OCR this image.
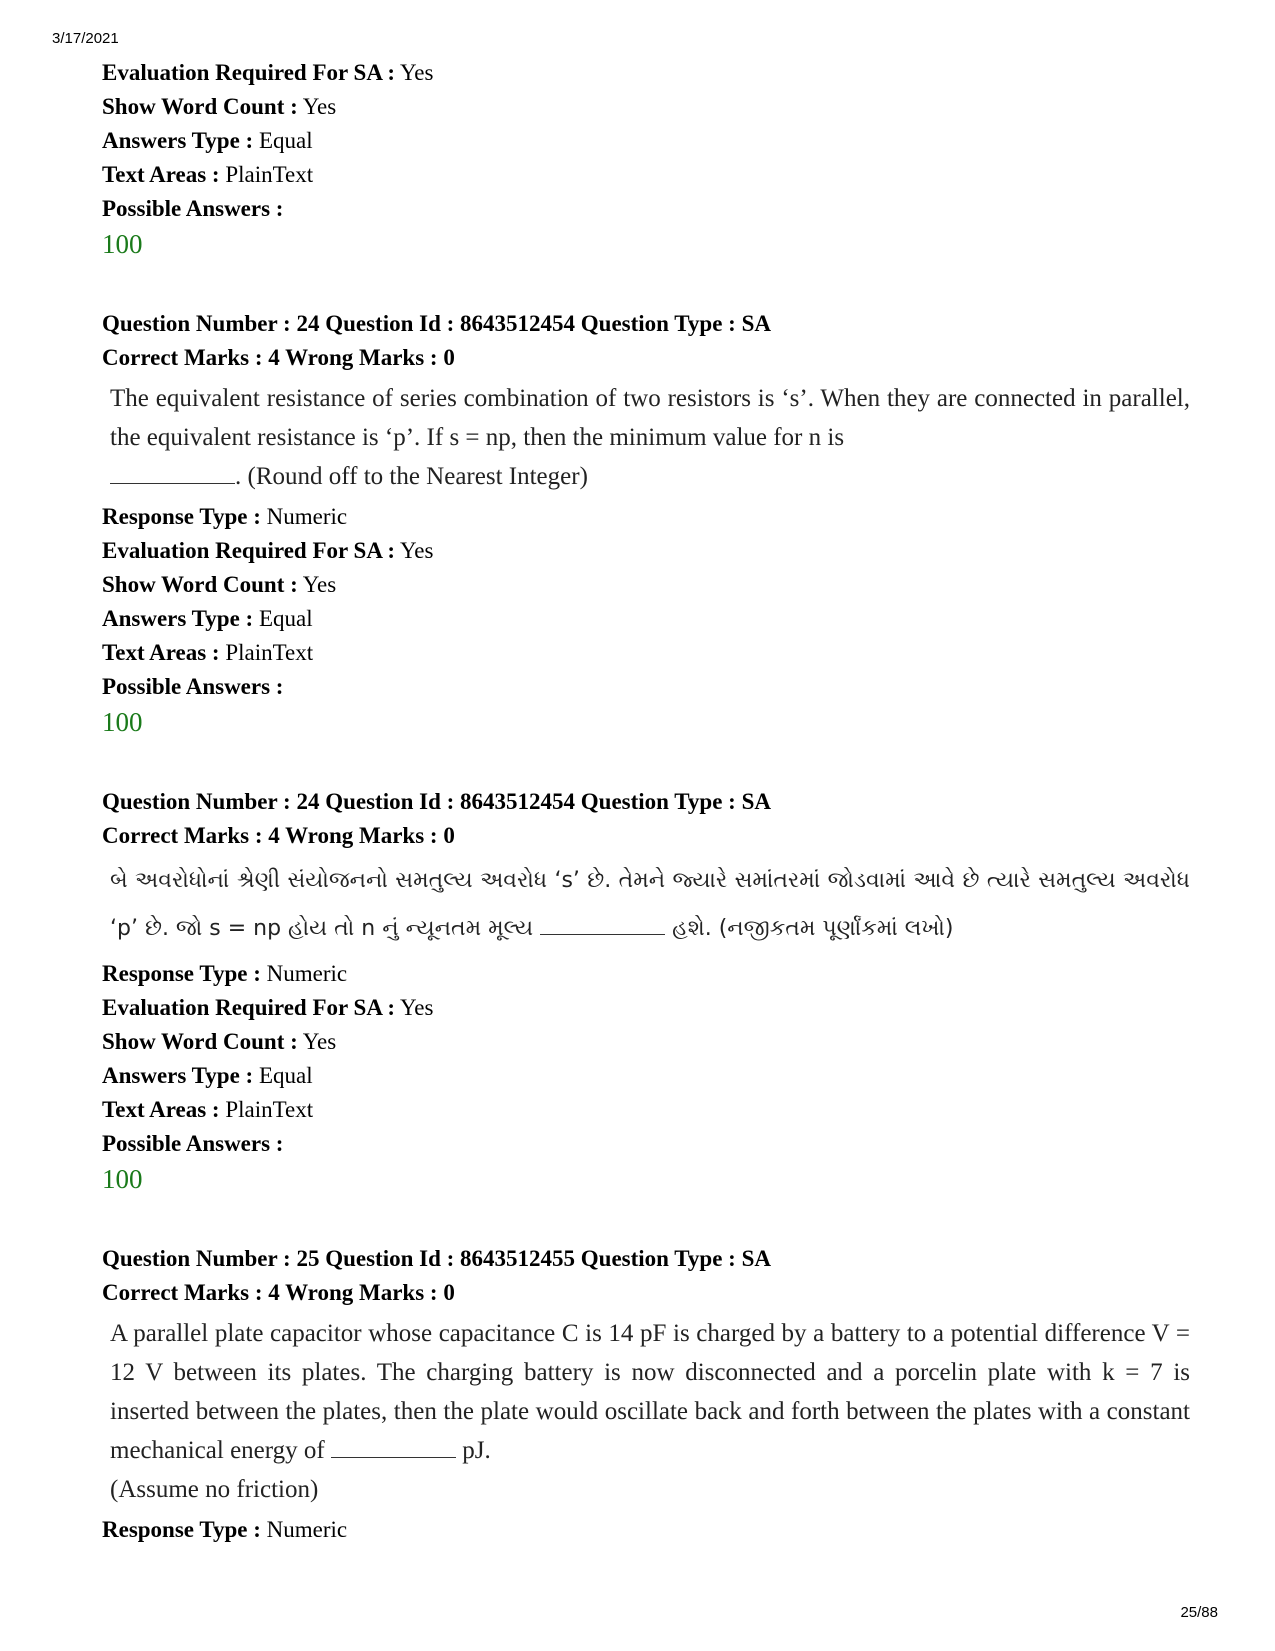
3/17/2021
Evaluation Required For SA : Yes
Show Word Count : Yes
Answers Type : Equal
Text Areas : PlainText
Possible Answers :
100
Question Number : 24 Question Id : 8643512454 Question Type : SA
Correct Marks : 4 Wrong Marks : 0
The equivalent resistance of series combination of two resistors is ‘s’. When they are connected in parallel, the equivalent resistance is ‘p’. If s = np, then the minimum value for n is
. (Round off to the Nearest Integer)
Response Type : Numeric
Evaluation Required For SA : Yes
Show Word Count : Yes
Answers Type : Equal
Text Areas : PlainText
Possible Answers :
100
Question Number : 24 Question Id : 8643512454 Question Type : SA
Correct Marks : 4 Wrong Marks : 0
બે અવરોધોનાં શ્રેણી સંયોજનનો સમતુલ્ય અવરોધ ‘s’ છે. તેમને જ્યારે સમાંતરમાં જોડવામાં આવે છે ત્યારે સમતુલ્ય અવરોધ ‘p’ છે. જો s = np હોય તો n નું ન્યૂનતમ મૂલ્ય	હશે. (નજીકતમ પૂર્ણાંકમાં લખો)
Response Type : Numeric
Evaluation Required For SA : Yes
Show Word Count : Yes
Answers Type : Equal
Text Areas : PlainText
Possible Answers :
100
Question Number : 25 Question Id : 8643512455 Question Type : SA
Correct Marks : 4 Wrong Marks : 0
A parallel plate capacitor whose capacitance C is 14 pF is charged by a battery to a potential difference V = 12 V between its plates. The charging battery is now disconnected and a porcelin plate with k = 7 is inserted between the plates, then the plate would oscillate back and forth between the plates with a constant mechanical energy of	pJ.
(Assume no friction)
Response Type : Numeric
25/88
